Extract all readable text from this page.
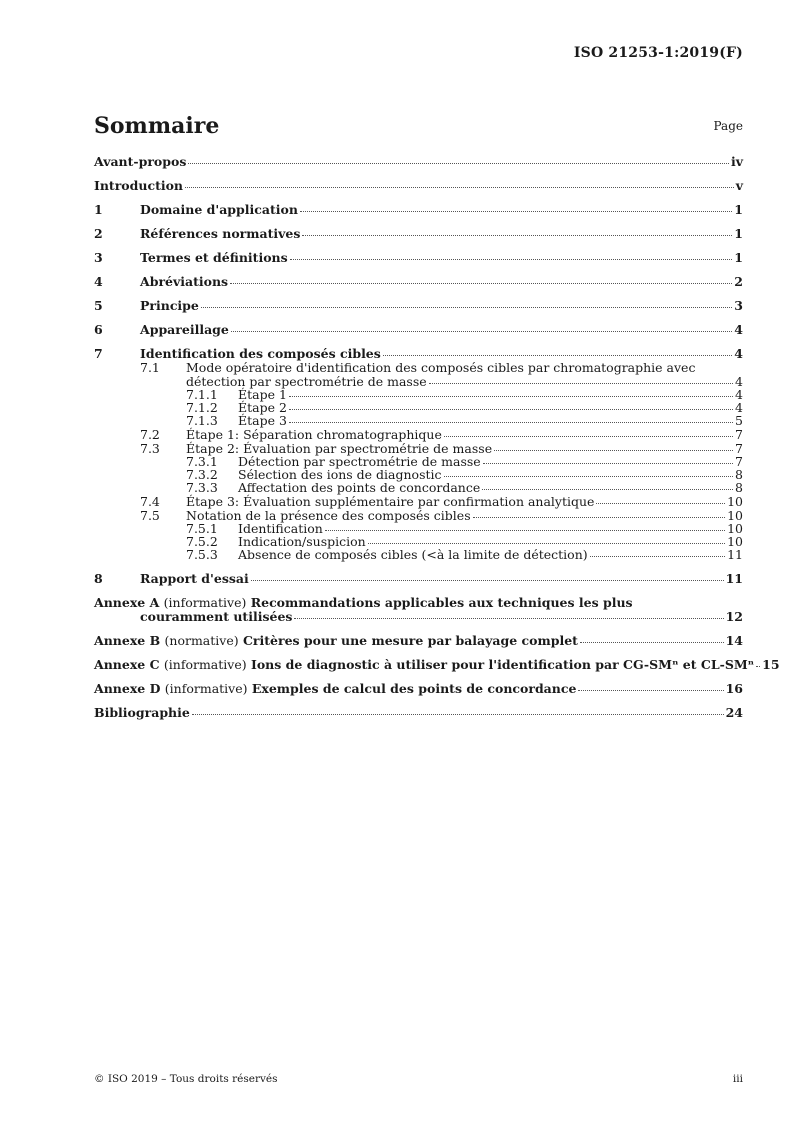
ISO 21253-1:2019(F)
Sommaire	Page
Avant-propos	iv
Introduction	v
1	Domaine d'application	1
2	Références normatives	1
3	Termes et définitions	1
4	Abréviations	2
5	Principe	3
6	Appareillage	4
7	Identification des composés cibles	4
7.1	Mode opératoire d'identification des composés cibles par chromatographie avec
détection par spectrométrie de masse	4
7.1.1	Étape 1	4
7.1.2	Étape 2	4
7.1.3	Étape 3	5
7.2	Étape 1: Séparation chromatographique	7
7.3	Étape 2: Évaluation par spectrométrie de masse	7
7.3.1	Détection par spectrométrie de masse	7
7.3.2	Sélection des ions de diagnostic	8
7.3.3	Affectation des points de concordance	8
7.4	Étape 3: Évaluation supplémentaire par confirmation analytique	10
7.5	Notation de la présence des composés cibles	10
7.5.1	Identification	10
7.5.2	Indication/suspicion	10
7.5.3	Absence de composés cibles (<à la limite de détection)	11
8	Rapport d'essai	11
Annexe A (informative) Recommandations applicables aux techniques les plus
couramment utilisées	12
Annexe B (normative) Critères pour une mesure par balayage complet	14
Annexe C (informative) Ions de diagnostic à utiliser pour l'identification par CG-SMⁿ et CL-SMⁿ 15
Annexe D (informative) Exemples de calcul des points de concordance	16
Bibliographie	24
© ISO 2019 – Tous droits réservés	iii
